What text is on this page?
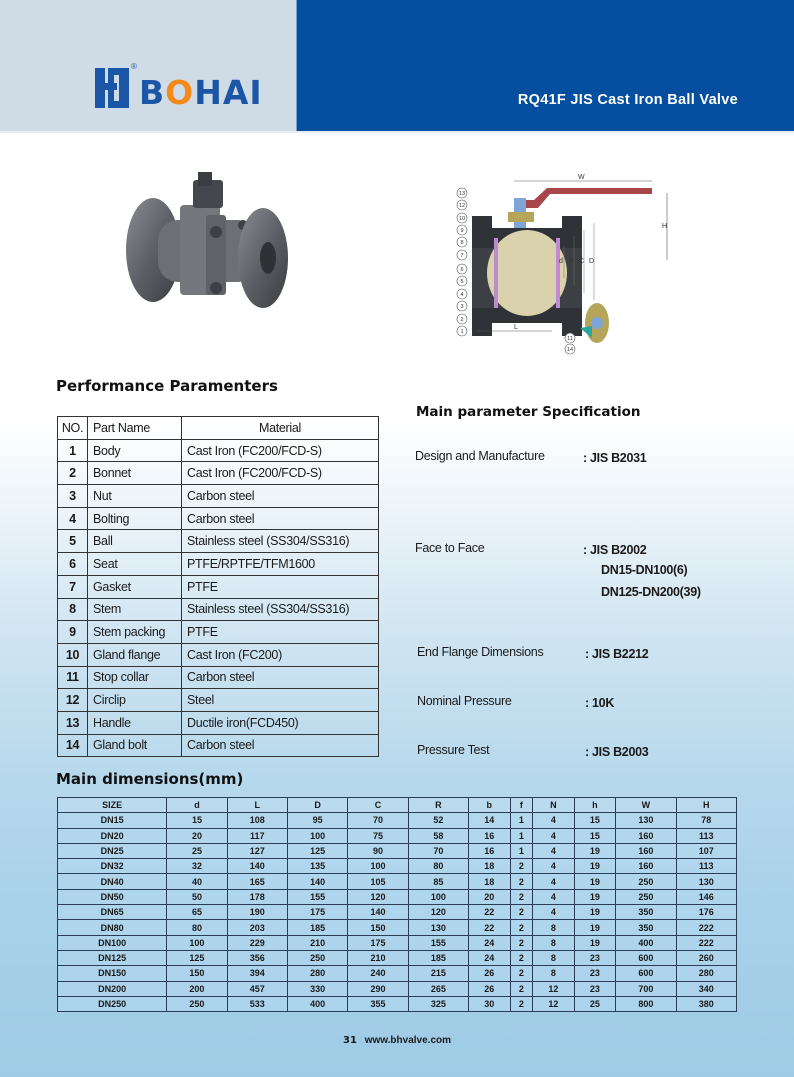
®
BOHAI	RQ41F JIS Cast Iron Ball Valve
W
H
d R C D
L
f
b
13
12
10
9
8
7
6
5
4
3
2
1
11
14
Performance Paramenters
NO.	Part Name	Material
1	Body	Cast Iron (FC200/FCD-S)
2	Bonnet	Cast Iron (FC200/FCD-S)
3	Nut	Carbon steel
4	Bolting	Carbon steel
5	Ball	Stainless steel (SS304/SS316)
6	Seat	PTFE/RPTFE/TFM1600
7	Gasket	PTFE
8	Stem	Stainless steel (SS304/SS316)
9	Stem packing	PTFE
10	Gland flange	Cast Iron (FC200)
11	Stop collar	Carbon steel
12	Circlip	Steel
13	Handle	Ductile iron(FCD450)
14	Gland bolt	Carbon steel
Main parameter Specification
Design and Manufacture	: JIS B2031
Face to Face	: JIS B2002
DN15-DN100(6)
DN125-DN200(39)
End Flange Dimensions	: JIS B2212
Nominal Pressure	: 10K
Pressure Test	: JIS B2003
Main dimensions(mm)
SIZE	d	L	D	C	R	b	f	N	h	W	H
DN15	15	108	95	70	52	14	1	4	15	130	78
DN20	20	117	100	75	58	16	1	4	15	160	113
DN25	25	127	125	90	70	16	1	4	19	160	107
DN32	32	140	135	100	80	18	2	4	19	160	113
DN40	40	165	140	105	85	18	2	4	19	250	130
DN50	50	178	155	120	100	20	2	4	19	250	146
DN65	65	190	175	140	120	22	2	4	19	350	176
DN80	80	203	185	150	130	22	2	8	19	350	222
DN100	100	229	210	175	155	24	2	8	19	400	222
DN125	125	356	250	210	185	24	2	8	23	600	260
DN150	150	394	280	240	215	26	2	8	23	600	280
DN200	200	457	330	290	265	26	2	12	23	700	340
DN250	250	533	400	355	325	30	2	12	25	800	380
31 www.bhvalve.com
